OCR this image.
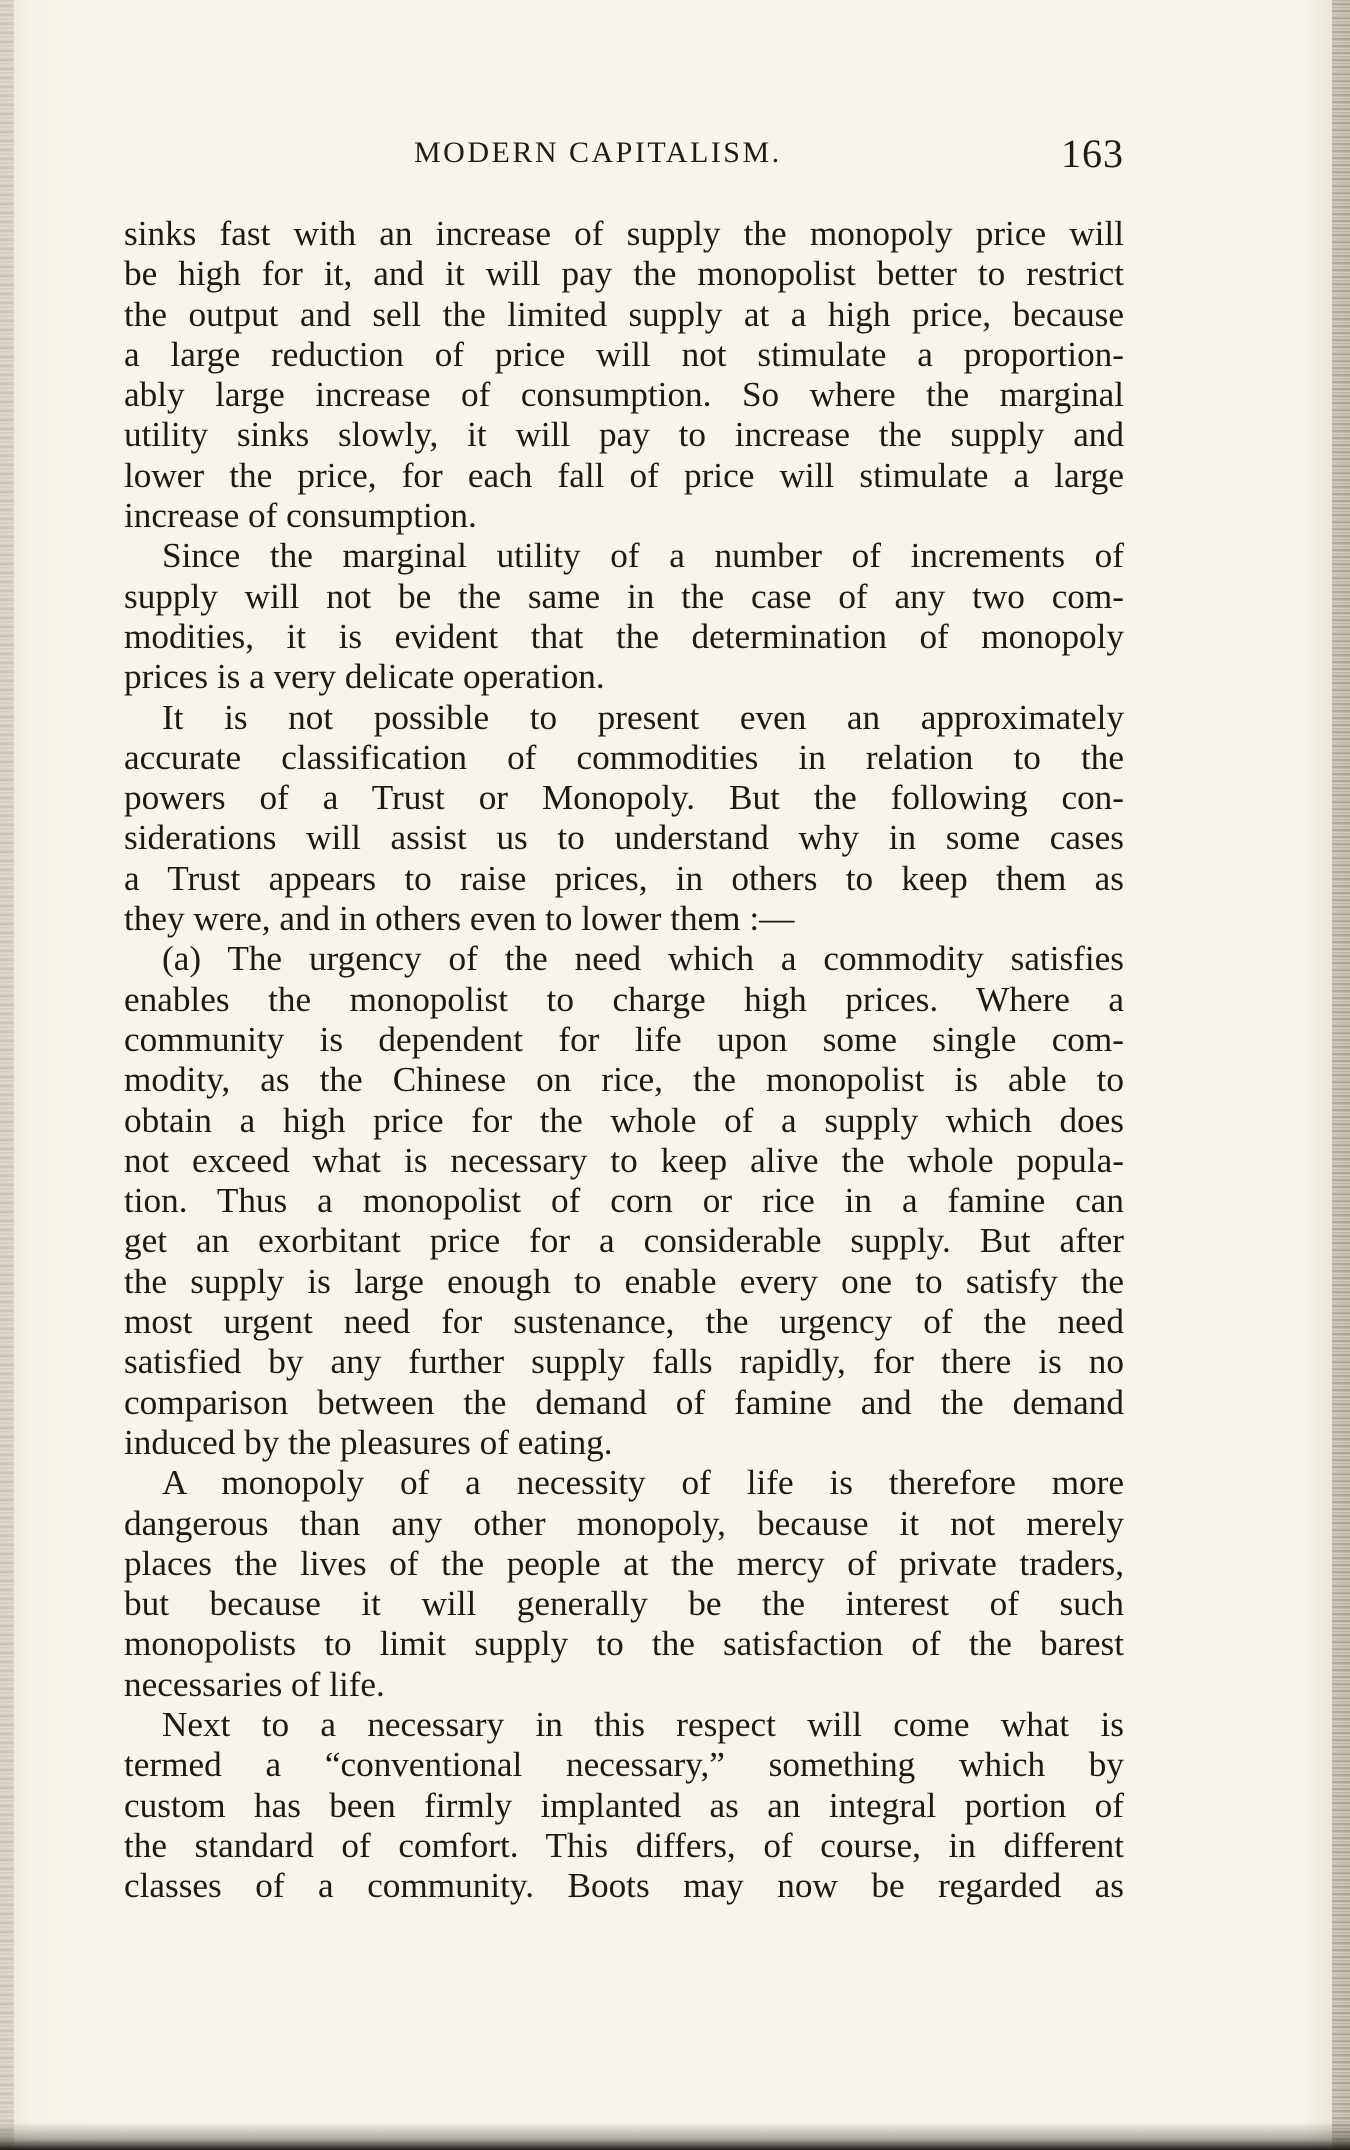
MODERN CAPITALISM.	163
sinks fast with an increase of supply the monopoly price will
be high for it, and it will pay the monopolist better to restrict
the output and sell the limited supply at a high price, because
a large reduction of price will not stimulate a proportion-
ably large increase of consumption. So where the marginal
utility sinks slowly, it will pay to increase the supply and
lower the price, for each fall of price will stimulate a large
increase of consumption.
Since the marginal utility of a number of increments of
supply will not be the same in the case of any two com-
modities, it is evident that the determination of monopoly
prices is a very delicate operation.
It is not possible to present even an approximately
accurate classification of commodities in relation to the
powers of a Trust or Monopoly. But the following con-
siderations will assist us to understand why in some cases
a Trust appears to raise prices, in others to keep them as
they were, and in others even to lower them :—
(a) The urgency of the need which a commodity satisfies
enables the monopolist to charge high prices. Where a
community is dependent for life upon some single com-
modity, as the Chinese on rice, the monopolist is able to
obtain a high price for the whole of a supply which does
not exceed what is necessary to keep alive the whole popula-
tion. Thus a monopolist of corn or rice in a famine can
get an exorbitant price for a considerable supply. But after
the supply is large enough to enable every one to satisfy the
most urgent need for sustenance, the urgency of the need
satisfied by any further supply falls rapidly, for there is no
comparison between the demand of famine and the demand
induced by the pleasures of eating.
A monopoly of a necessity of life is therefore more
dangerous than any other monopoly, because it not merely
places the lives of the people at the mercy of private traders,
but because it will generally be the interest of such
monopolists to limit supply to the satisfaction of the barest
necessaries of life.
Next to a necessary in this respect will come what is
termed a “conventional necessary,” something which by
custom has been firmly implanted as an integral portion of
the standard of comfort. This differs, of course, in different
classes of a community. Boots may now be regarded as
